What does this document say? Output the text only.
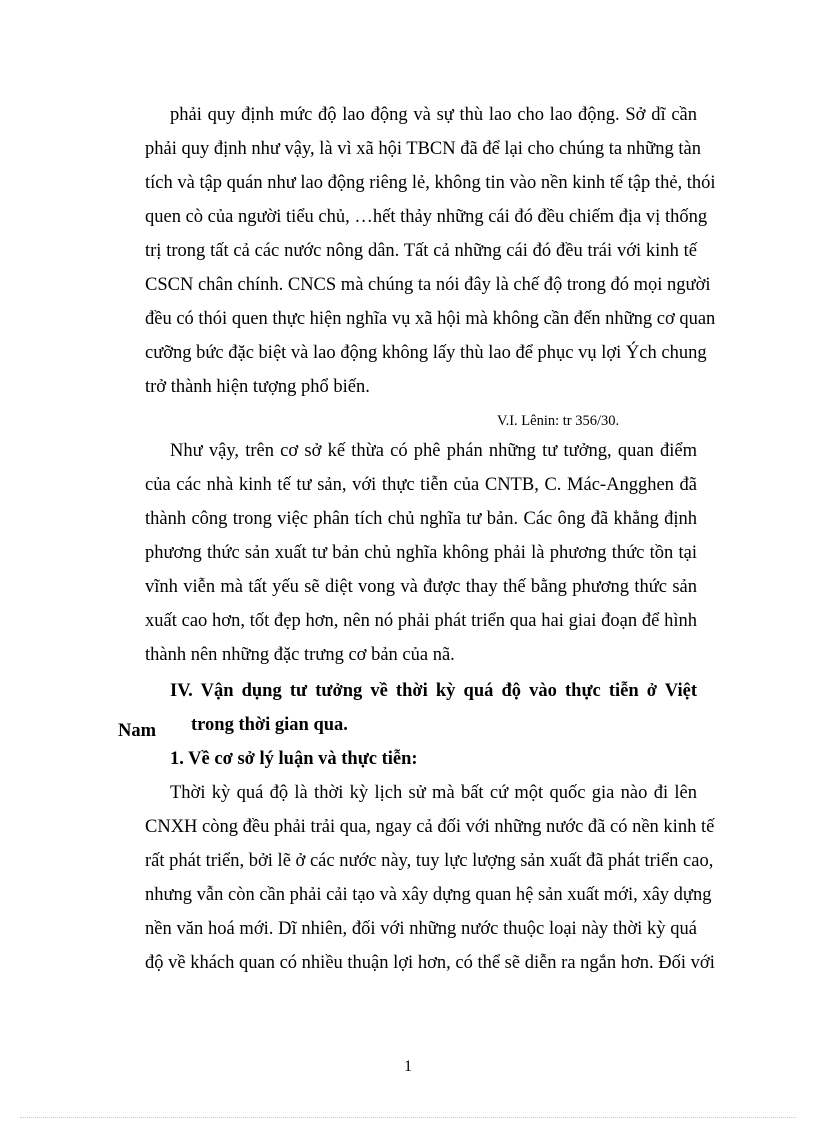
phải quy định mức độ lao động và sự thù lao cho lao động. Sở dĩ cần
phải quy định như vậy, là vì xã hội TBCN đã để lại cho chúng ta những tàn
tích và tập quán như lao động riêng lẻ, không tin vào nền kinh tế tập thẻ, thói
quen cò của người tiểu chủ, …hết thảy những cái đó đều chiếm địa vị thống
trị trong tất cả các nước nông dân. Tất cả những cái đó đều trái với kinh tế
CSCN chân chính. CNCS mà chúng ta nói đây là chế độ trong đó mọi người
đều có thói quen thực hiện nghĩa vụ xã hội mà không cần đến những cơ quan
cưỡng bức đặc biệt và lao động không lấy thù lao để phục vụ lợi Ých chung
trở thành hiện tượng phổ biến.
V.I. Lênin: tr 356/30.
Như vậy, trên cơ sở kế thừa có phê phán những tư tưởng, quan điểm
của các nhà kinh tế tư sản, với thực tiễn của CNTB, C. Mác-Angghen đã
thành công trong việc phân tích chủ nghĩa tư bản. Các ông đã khẳng định
phương thức sản xuất tư bản chủ nghĩa không phải là phương thức tồn tại
vĩnh viễn mà tất yếu sẽ diệt vong và được thay thế bằng phương thức sản
xuất cao hơn, tốt đẹp hơn, nên nó phải phát triển qua hai giai đoạn để hình
thành nên những đặc trưng cơ bản của nã.
IV. Vận dụng tư tưởng về thời kỳ quá độ vào thực tiễn ở Việt
Nam trong thời gian qua.
1. Về cơ sở lý luận và thực tiễn:
Thời kỳ quá độ là thời kỳ lịch sử mà bất cứ một quốc gia nào đi lên
CNXH còng đều phải trải qua, ngay cả đối với những nước đã có nền kinh tế
rất phát triển, bởi lẽ ở các nước này, tuy lực lượng sản xuất đã phát triển cao,
nhưng vẫn còn cần phải cải tạo và xây dựng quan hệ sản xuất mới, xây dựng
nền văn hoá mới. Dĩ nhiên, đối với những nước thuộc loại này thời kỳ quá
độ về khách quan có nhiều thuận lợi hơn, có thể sẽ diễn ra ngắn hơn. Đối với
1
